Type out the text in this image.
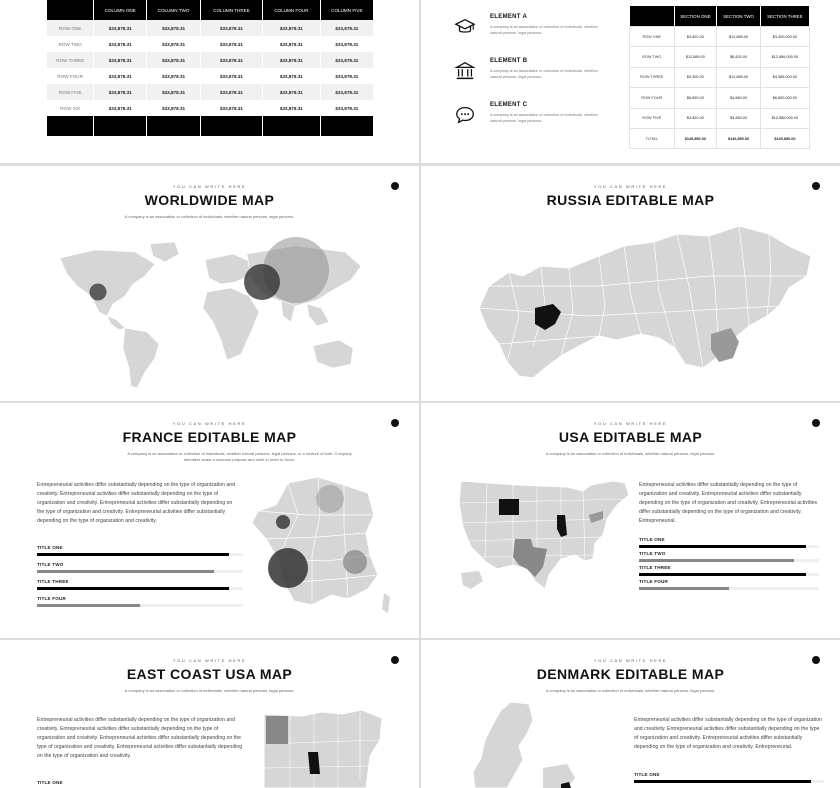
	COLUMN ONE	COLUMN TWO	COLUMN THREE	COLUMN FOUR	COLUMN FIVE
ROW ONE	$33,878.31	$33,878.31	$33,878.31	$33,878.31	$33,878.31
ROW TWO	$33,878.31	$33,878.31	$33,878.31	$33,878.31	$33,878.31
ROW THREE	$33,878.31	$33,878.31	$33,878.31	$33,878.31	$33,878.31
ROW FOUR	$33,878.31	$33,878.31	$33,878.31	$33,878.31	$33,878.31
ROW FIVE	$33,878.31	$33,878.31	$33,878.31	$33,878.31	$33,878.31
ROW SIX	$33,878.31	$33,878.31	$33,878.31	$33,878.31	$33,878.31

ELEMENT A
A company is an association or collection of individuals, whether natural persons, legal persons.
ELEMENT B
A company is an association or collection of individuals, whether natural persons, legal persons.
ELEMENT C
A company is an association or collection of individuals, whether natural persons, legal persons.
	SECTION ONE	SECTION TWO	SECTION THREE
ROW ONE	$4,820.00	$12,889.00	$3,300,000.00
ROW TWO	$12,889.00	$6,820.00	$12,889,000.00
ROW THREE	$3,300.00	$12,889.00	$4,385,000.00
ROW FOUR	$6,890.00	$4,860.00	$6,890,000.00
ROW FIVE	$4,820.00	$3,860.00	$12,889,000.00
TOTAL	$149,890.00	$149,890.00	$149,890.00
YOU CAN WRITE HERE
WORLDWIDE MAP
A company is an association or collection of individuals, whether natural persons, legal persons.
YOU CAN WRITE HERE
RUSSIA EDITABLE MAP
YOU CAN WRITE HERE
FRANCE EDITABLE MAP
A company is an association or collection of individuals, whether natural persons, legal persons, or a mixture of both. Company members share a common purpose and unite in order to focus.
Entrepreneurial activities differ substantially depending on the type of organization and creativity. Entrepreneurial activities differ substantially depending on the type of organization and creativity. Entrepreneurial activities differ substantially depending on the type of organization and creativity. Entrepreneurial activities differ substantially depending on the type of organization and creativity.
TITLE ONE
TITLE TWO
TITLE THREE
TITLE FOUR
YOU CAN WRITE HERE
USA EDITABLE MAP
A company is an association or collection of individuals, whether natural persons, legal persons.
Entrepreneurial activities differ substantially depending on the type of organization and creativity. Entrepreneurial activities differ substantially depending on the type of organization and creativity. Entrepreneurial activities differ substantially depending on the type of organization and creativity. Entrepreneurial.
TITLE ONE
TITLE TWO
TITLE THREE
TITLE FOUR
YOU CAN WRITE HERE
EAST COAST USA MAP
A company is an association or collection of individuals, whether natural persons, legal persons.
Entrepreneurial activities differ substantially depending on the type of organization and creativity. Entrepreneurial activities differ substantially depending on the type of organization and creativity. Entrepreneurial activities differ substantially depending on the type of organization and creativity. Entrepreneurial activities differ substantially depending on the type of organization and creativity.
TITLE ONE
YOU CAN WRITE HERE
DENMARK EDITABLE MAP
A company is an association or collection of individuals, whether natural persons, legal persons.
Entrepreneurial activities differ substantially depending on the type of organization and creativity. Entrepreneurial activities differ substantially depending on the type of organization and creativity. Entrepreneurial activities differ substantially depending on the type of organization and creativity. Entrepreneurial.
TITLE ONE
